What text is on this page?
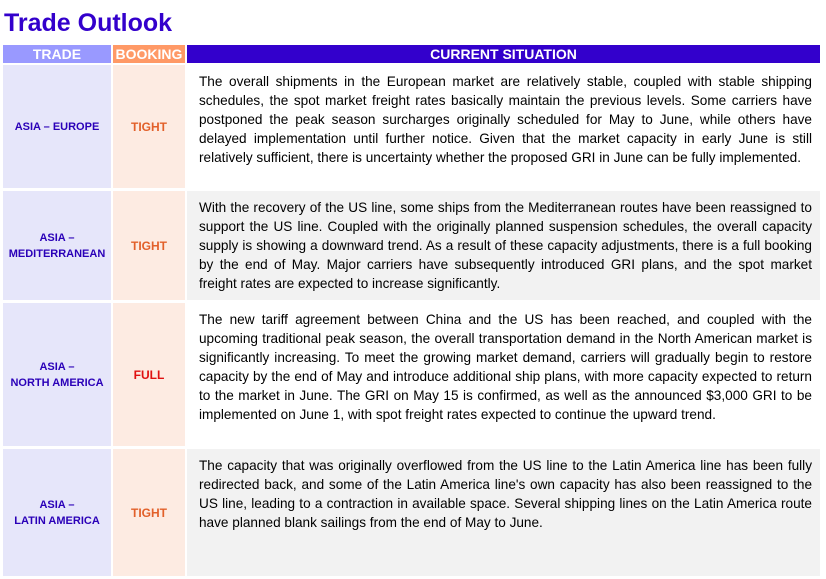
Trade Outlook
TRADE	BOOKING	CURRENT SITUATION

ASIA – EUROPE	TIGHT	The overall shipments in the European market are relatively stable, coupled with stable shipping schedules, the spot market freight rates basically maintain the previous levels. Some carriers have postponed the peak season surcharges originally scheduled for May to June, while others have delayed implementation until further notice. Given that the market capacity in early June is still relatively sufficient, there is uncertainty whether the proposed GRI in June can be fully implemented.
ASIA –
MEDITERRANEAN	TIGHT	With the recovery of the US line, some ships from the Mediterranean routes have been reassigned to support the US line. Coupled with the originally planned suspension schedules, the overall capacity supply is showing a downward trend. As a result of these capacity adjustments, there is a full booking by the end of May. Major carriers have subsequently introduced GRI plans, and the spot market freight rates are expected to increase significantly.
ASIA –
NORTH AMERICA	FULL	The new tariff agreement between China and the US has been reached, and coupled with the upcoming traditional peak season, the overall transportation demand in the North American market is significantly increasing. To meet the growing market demand, carriers will gradually begin to restore capacity by the end of May and introduce additional ship plans, with more capacity expected to return to the market in June. The GRI on May 15 is confirmed, as well as the announced $3,000 GRI to be implemented on June 1, with spot freight rates expected to continue the upward trend.
ASIA –
LATIN AMERICA	TIGHT	The capacity that was originally overflowed from the US line to the Latin America line has been fully redirected back, and some of the Latin America line's own capacity has also been reassigned to the US line, leading to a contraction in available space. Several shipping lines on the Latin America route have planned blank sailings from the end of May to June.
